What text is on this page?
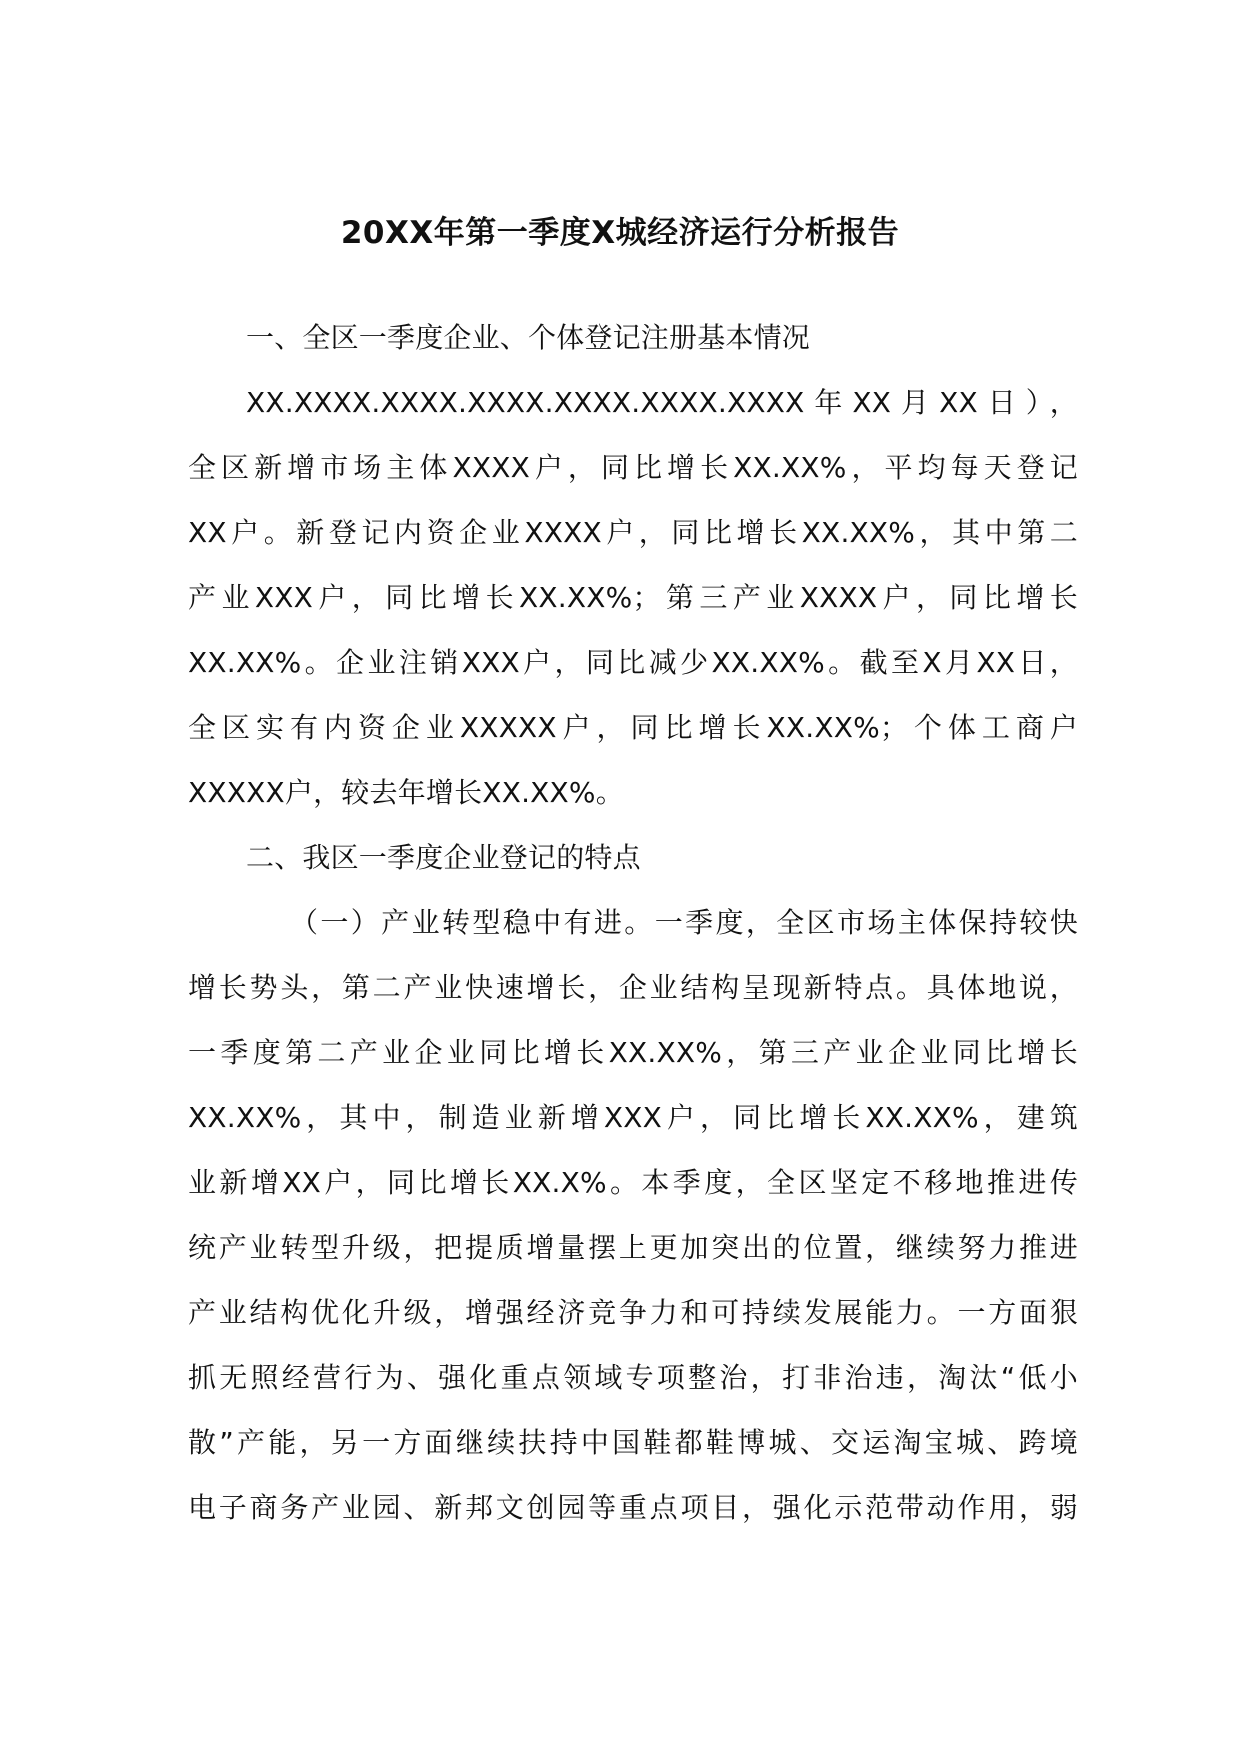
20XX年第一季度X城经济运行分析报告
一、全区一季度企业、个体登记注册基本情况
XX.XXXX.XXXX.XXXX.XXXX.XXXX.XXXX年XX月XX日），
全区新增市场主体XXXX户，同比增长XX.XX%，平均每天登记
XX户。新登记内资企业XXXX户，同比增长XX.XX%，其中第二
产业XXX户，同比增长XX.XX%；第三产业XXXX户，同比增长
XX.XX%。企业注销XXX户，同比减少XX.XX%。截至X月XX日，
全区实有内资企业XXXXX户，同比增长XX.XX%；个体工商户
XXXXX户，较去年增长XX.XX%。
二、我区一季度企业登记的特点
（一）产业转型稳中有进。一季度，全区市场主体保持较快
增长势头，第二产业快速增长，企业结构呈现新特点。具体地说，
一季度第二产业企业同比增长XX.XX%，第三产业企业同比增长
XX.XX%，其中，制造业新增XXX户，同比增长XX.XX%，建筑
业新增XX户，同比增长XX.X%。本季度，全区坚定不移地推进传
统产业转型升级，把提质增量摆上更加突出的位置，继续努力推进
产业结构优化升级，增强经济竞争力和可持续发展能力。一方面狠
抓无照经营行为、强化重点领域专项整治，打非治违，淘汰“低小
散”产能，另一方面继续扶持中国鞋都鞋博城、交运淘宝城、跨境
电子商务产业园、新邦文创园等重点项目，强化示范带动作用，弱
